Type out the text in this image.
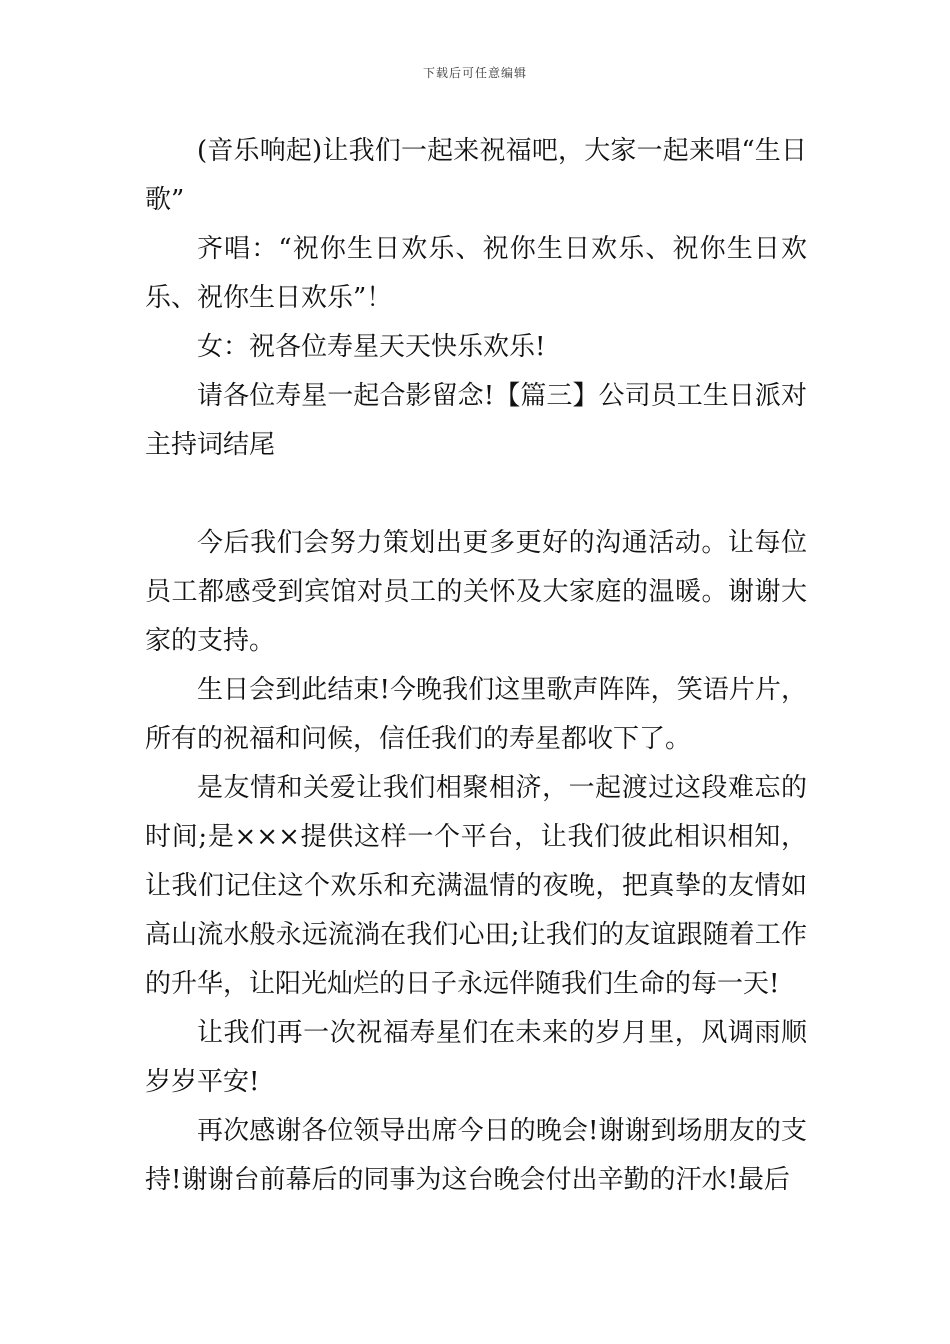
下载后可任意编辑

(音乐响起)让我们一起来祝福吧，大家一起来唱“生日歌”

齐唱：“祝你生日欢乐、祝你生日欢乐、祝你生日欢乐、祝你生日欢乐”！

女：祝各位寿星天天快乐欢乐!

请各位寿星一起合影留念!【篇三】公司员工生日派对主持词结尾

今后我们会努力策划出更多更好的沟通活动。让每位员工都感受到宾馆对员工的关怀及大家庭的温暖。谢谢大家的支持。

生日会到此结束!今晚我们这里歌声阵阵，笑语片片，所有的祝福和问候，信任我们的寿星都收下了。

是友情和关爱让我们相聚相济，一起渡过这段难忘的时间;是×××提供这样一个平台，让我们彼此相识相知，让我们记住这个欢乐和充满温情的夜晚，把真挚的友情如高山流水般永远流淌在我们心田;让我们的友谊跟随着工作的升华，让阳光灿烂的日子永远伴随我们生命的每一天!

让我们再一次祝福寿星们在未来的岁月里，风调雨顺岁岁平安!

再次感谢各位领导出席今日的晚会!谢谢到场朋友的支持!谢谢台前幕后的同事为这台晚会付出辛勤的汗水!最后
